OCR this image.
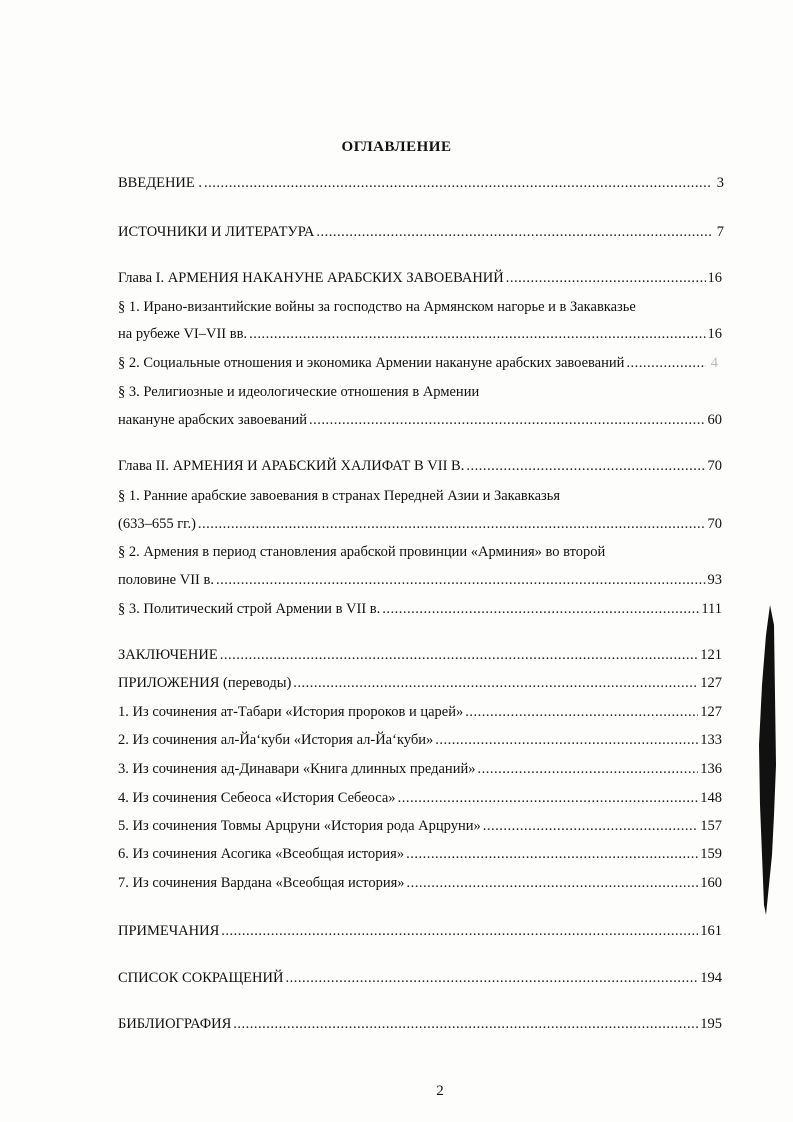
ОГЛАВЛЕНИЕ
ВВЕДЕНИЕ . .....	3
ИСТОЧНИКИ И ЛИТЕРАТУРА .....	7
Глава I. АРМЕНИЯ НАКАНУНЕ АРАБСКИХ ЗАВОЕВАНИЙ .....	16
§ 1. Ирано-византийские войны за господство на Армянском нагорье и в Закавказье
на рубеже VI–VII вв. .....	16
§ 2. Социальные отношения и экономика Армении накануне арабских завоеваний .....	4
§ 3. Религиозные и идеологические отношения в Армении
накануне арабских завоеваний .....	60
Глава II. АРМЕНИЯ И АРАБСКИЙ ХАЛИФАТ В VII В. .....	70
§ 1. Ранние арабские завоевания в странах Передней Азии и Закавказья
(633–655 гг.) .....	70
§ 2. Армения в период становления арабской провинции «Арминия» во второй
половине VII в. .....	93
§ 3. Политический строй Армении в VII в. .....	111
ЗАКЛЮЧЕНИЕ .....	121
ПРИЛОЖЕНИЯ (переводы) .....	127
1. Из сочинения ат-Табари «История пророков и царей» .....	127
2. Из сочинения ал-Йа‘куби «История ал-Йа‘куби» .....	133
3. Из сочинения ад-Динавари «Книга длинных преданий» .....	136
4. Из сочинения Себеоса «История Себеоса» .....	148
5. Из сочинения Товмы Арцруни «История рода Арцруни» .....	157
6. Из сочинения Асогика «Всеобщая история» .....	159
7. Из сочинения Вардана «Всеобщая история» .....	160
ПРИМЕЧАНИЯ .....	161
СПИСОК СОКРАЩЕНИЙ .....	194
БИБЛИОГРАФИЯ .....	195
2
